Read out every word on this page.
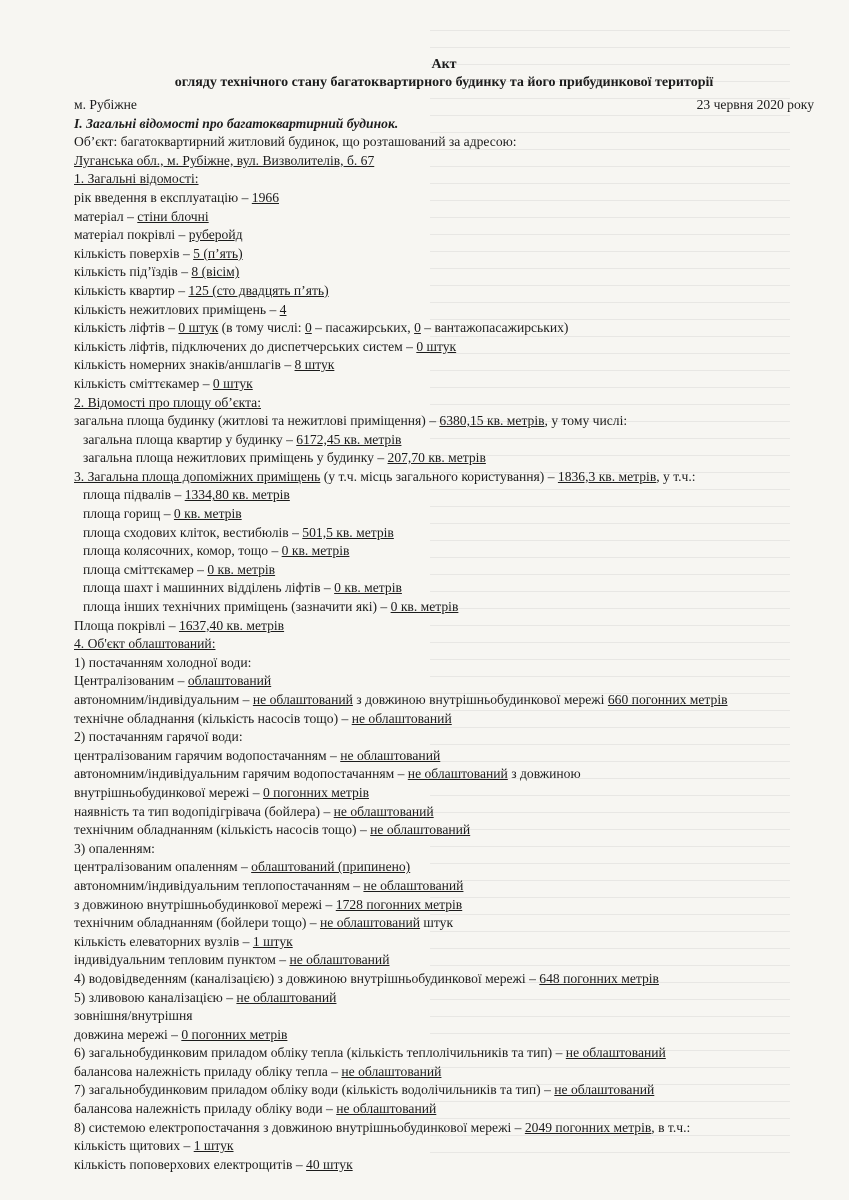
Акт
огляду технічного стану багатоквартирного будинку та його прибудинкової території
м. Рубіжне	23 червня 2020 року
I. Загальні відомості про багатоквартирний будинок.
Об’єкт: багатоквартирний житловий будинок, що розташований за адресою:
Луганська обл., м. Рубіжне, вул. Визволителів, б. 67
1. Загальні відомості:
рік введення в експлуатацію – 1966
матеріал – стіни блочні
матеріал покрівлі – руберойд
кількість поверхів – 5 (п’ять)
кількість під’їздів – 8 (вісім)
кількість квартир – 125 (сто двадцять п’ять)
кількість нежитлових приміщень – 4
кількість ліфтів – 0 штук (в тому числі: 0 – пасажирських, 0 – вантажопасажирських)
кількість ліфтів, підключених до диспетчерських систем – 0 штук
кількість номерних знаків/аншлагів – 8 штук
кількість сміттєкамер – 0 штук
2. Відомості про площу об’єкта:
загальна площа будинку (житлові та нежитлові приміщення) – 6380,15 кв. метрів, у тому числі:
загальна площа квартир у будинку – 6172,45 кв. метрів
загальна площа нежитлових приміщень у будинку – 207,70 кв. метрів
3. Загальна площа допоміжних приміщень (у т.ч. місць загального користування) – 1836,3 кв. метрів, у т.ч.:
площа підвалів – 1334,80 кв. метрів
площа горищ – 0 кв. метрів
площа сходових кліток, вестибюлів – 501,5 кв. метрів
площа колясочних, комор, тощо – 0 кв. метрів
площа сміттєкамер – 0 кв. метрів
площа шахт і машинних відділень ліфтів – 0 кв. метрів
площа інших технічних приміщень (зазначити які) – 0 кв. метрів
Площа покрівлі – 1637,40 кв. метрів
4. Об'єкт облаштований:
1) постачанням холодної води:
Централізованим – облаштований
автономним/індивідуальним – не облаштований з довжиною внутрішньобудинкової мережі 660 погонних метрів
технічне обладнання (кількість насосів тощо) – не облаштований
2) постачанням гарячої води:
централізованим гарячим водопостачанням – не облаштований
автономним/індивідуальним гарячим водопостачанням – не облаштований з довжиною
внутрішньобудинкової мережі – 0 погонних метрів
наявність та тип водопідігрівача (бойлера) – не облаштований
технічним обладнанням (кількість насосів тощо) – не облаштований
3) опаленням:
централізованим опаленням – облаштований (припинено)
автономним/індивідуальним теплопостачанням – не облаштований
з довжиною внутрішньобудинкової мережі – 1728 погонних метрів
технічним обладнанням (бойлери тощо) – не облаштований штук
кількість елеваторних вузлів – 1 штук
індивідуальним тепловим пунктом – не облаштований
4) водовідведенням (каналізацією) з довжиною внутрішньобудинкової мережі – 648 погонних метрів
5) зливовою каналізацією – не облаштований
зовнішня/внутрішня
довжина мережі – 0 погонних метрів
6) загальнобудинковим приладом обліку тепла (кількість теплолічильників та тип) – не облаштований
балансова належність приладу обліку тепла – не облаштований
7) загальнобудинковим приладом обліку води (кількість водолічильників та тип) – не облаштований
балансова належність приладу обліку води – не облаштований
8) системою електропостачання з довжиною внутрішньобудинкової мережі – 2049 погонних метрів, в т.ч.:
кількість щитових – 1 штук
кількість поповерхових електрощитів – 40 штук
